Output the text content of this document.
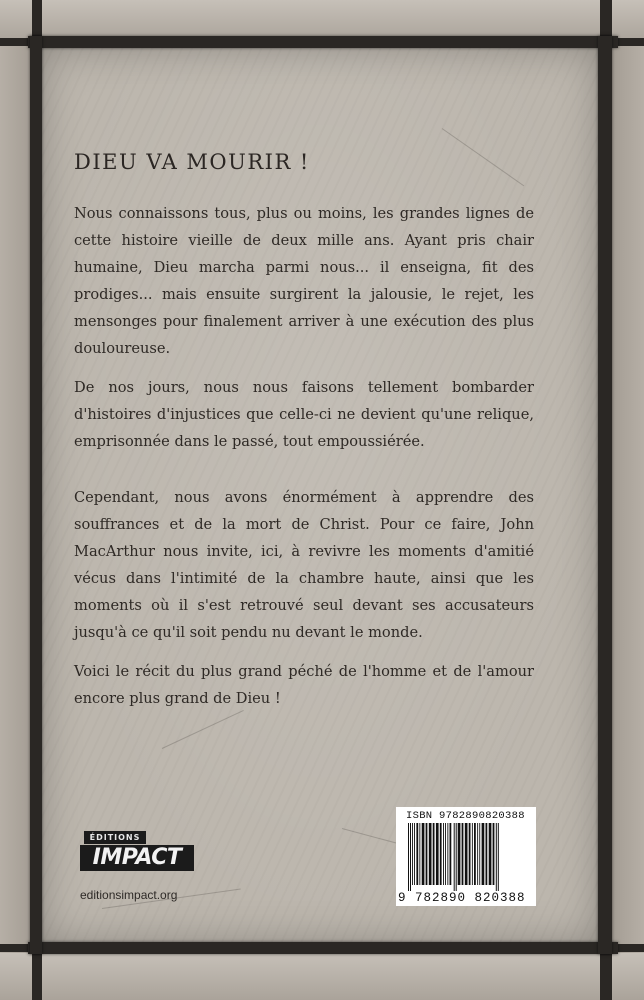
DIEU VA MOURIR !

Nous connaissons tous, plus ou moins, les grandes lignes de cette histoire vieille de deux mille ans. Ayant pris chair humaine, Dieu marcha parmi nous... il enseigna, fit des prodiges... mais ensuite surgirent la jalousie, le rejet, les mensonges pour finalement arriver à une exécution des plus douloureuse.

De nos jours, nous nous faisons tellement bombarder d'histoires d'injustices que celle-ci ne devient qu'une relique, emprisonnée dans le passé, tout empoussiérée.

Cependant, nous avons énormément à apprendre des souffrances et de la mort de Christ. Pour ce faire, John MacArthur nous invite, ici, à revivre les moments d'amitié vécus dans l'intimité de la chambre haute, ainsi que les moments où il s'est retrouvé seul devant ses accusateurs jusqu'à ce qu'il soit pendu nu devant le monde.

Voici le récit du plus grand péché de l'homme et de l'amour encore plus grand de Dieu !

ÉDITIONS
IMPACT

editionsimpact.org

ISBN 9782890820388

9 782890 820388
